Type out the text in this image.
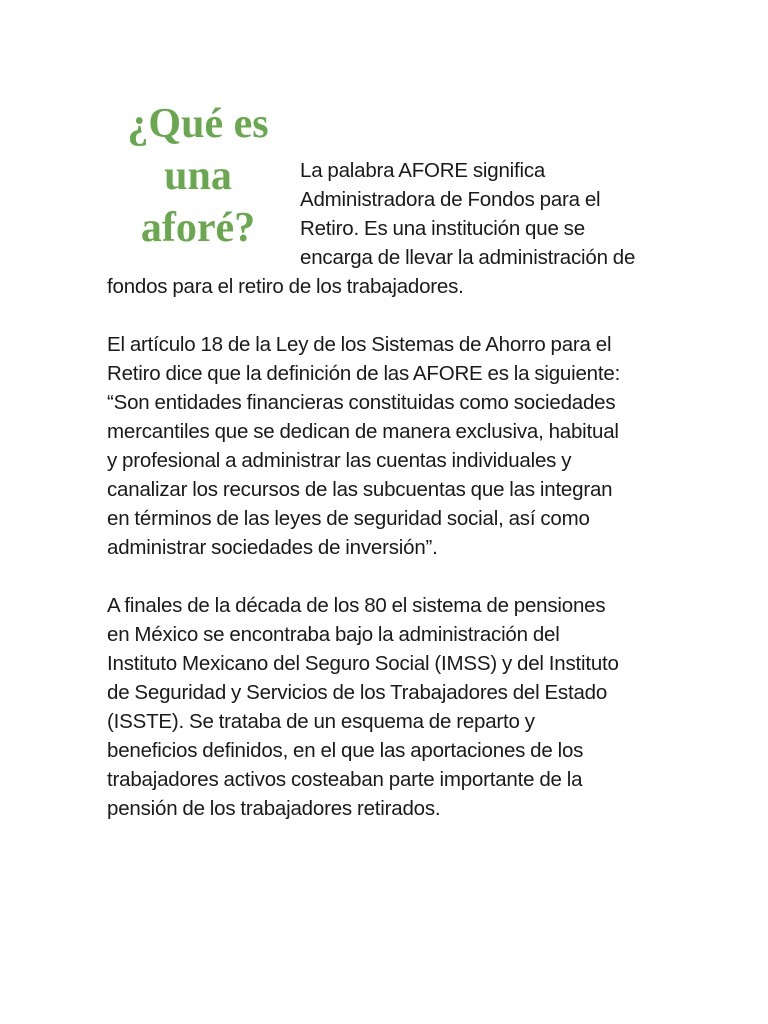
¿Qué es
una
aforé?
La palabra AFORE significa
Administradora de Fondos para el
Retiro. Es una institución que se
encarga de llevar la administración de
fondos para el retiro de los trabajadores.
El artículo 18 de la Ley de los Sistemas de Ahorro para el
Retiro dice que la definición de las AFORE es la siguiente:
“Son entidades financieras constituidas como sociedades
mercantiles que se dedican de manera exclusiva, habitual
y profesional a administrar las cuentas individuales y
canalizar los recursos de las subcuentas que las integran
en términos de las leyes de seguridad social, así como
administrar sociedades de inversión”.
A finales de la década de los 80 el sistema de pensiones
en México se encontraba bajo la administración del
Instituto Mexicano del Seguro Social (IMSS) y del Instituto
de Seguridad y Servicios de los Trabajadores del Estado
(ISSTE). Se trataba de un esquema de reparto y
beneficios definidos, en el que las aportaciones de los
trabajadores activos costeaban parte importante de la
pensión de los trabajadores retirados.
